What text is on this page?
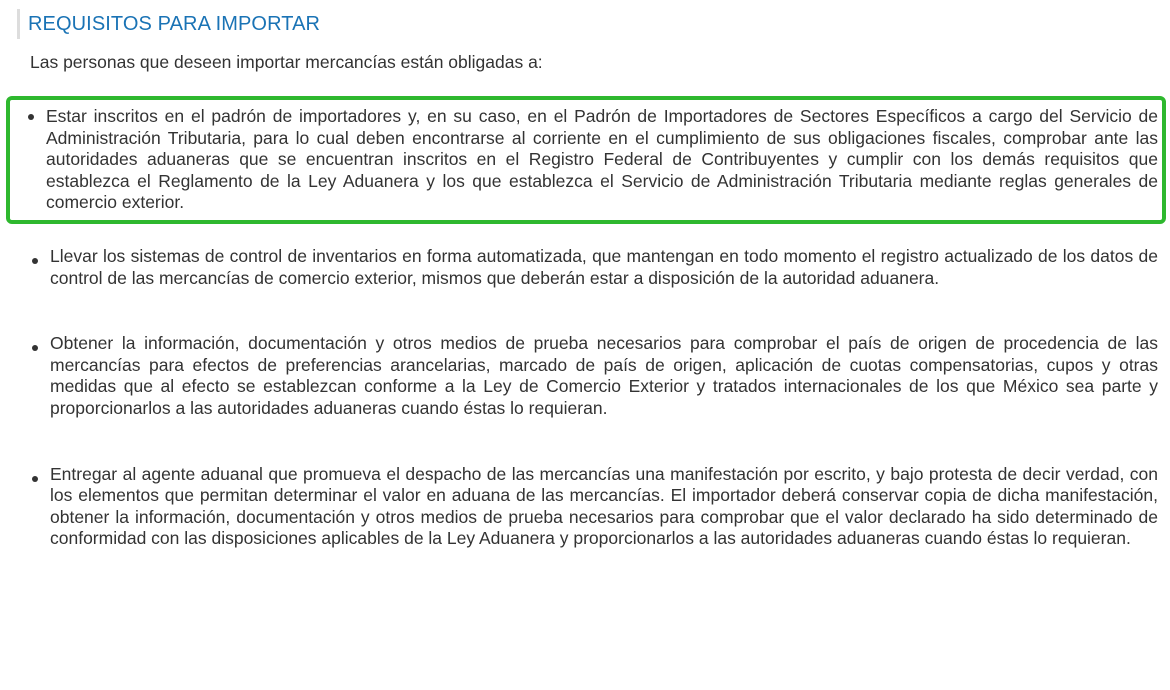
REQUISITOS PARA IMPORTAR

Las personas que deseen importar mercancías están obligadas a:

Estar inscritos en el padrón de importadores y, en su caso, en el Padrón de Importadores de Sectores Específicos a cargo del Servicio de Administración Tributaria, para lo cual deben encontrarse al corriente en el cumplimiento de sus obligaciones fiscales, comprobar ante las autoridades aduaneras que se encuentran inscritos en el Registro Federal de Contribuyentes y cumplir con los demás requisitos que establezca el Reglamento de la Ley Aduanera y los que establezca el Servicio de Administración Tributaria mediante reglas generales de comercio exterior.
Llevar los sistemas de control de inventarios en forma automatizada, que mantengan en todo momento el registro actualizado de los datos de control de las mercancías de comercio exterior, mismos que deberán estar a disposición de la autoridad aduanera.
Obtener la información, documentación y otros medios de prueba necesarios para comprobar el país de origen de procedencia de las mercancías para efectos de preferencias arancelarias, marcado de país de origen, aplicación de cuotas compensatorias, cupos y otras medidas que al efecto se establezcan conforme a la Ley de Comercio Exterior y tratados internacionales de los que México sea parte y proporcionarlos a las autoridades aduaneras cuando éstas lo requieran.
Entregar al agente aduanal que promueva el despacho de las mercancías una manifestación por escrito, y bajo protesta de decir verdad, con los elementos que permitan determinar el valor en aduana de las mercancías. El importador deberá conservar copia de dicha manifestación, obtener la información, documentación y otros medios de prueba necesarios para comprobar que el valor declarado ha sido determinado de conformidad con las disposiciones aplicables de la Ley Aduanera y proporcionarlos a las autoridades aduaneras cuando éstas lo requieran.
